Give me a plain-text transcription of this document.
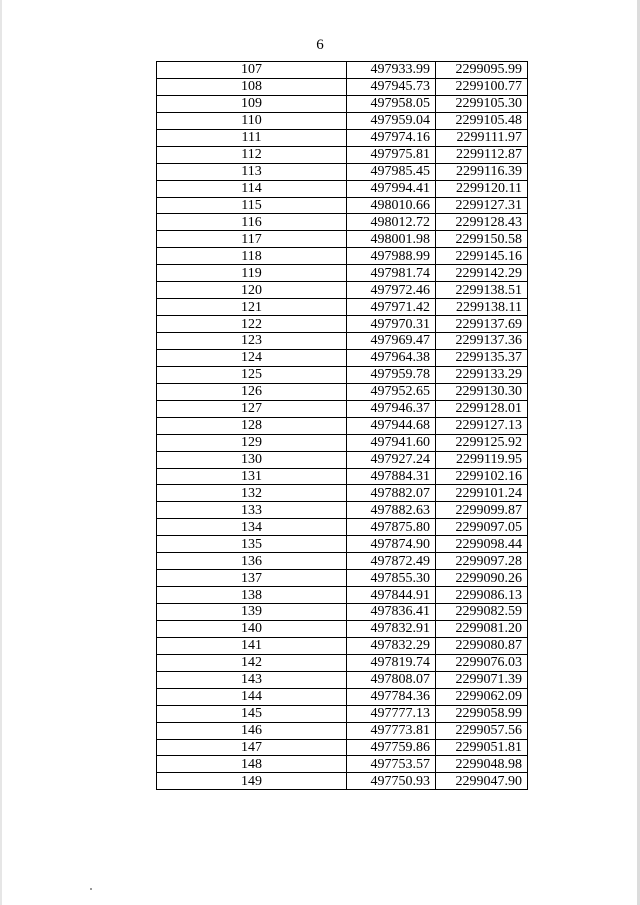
6
107	497933.99	2299095.99
108	497945.73	2299100.77
109	497958.05	2299105.30
110	497959.04	2299105.48
111	497974.16	2299111.97
112	497975.81	2299112.87
113	497985.45	2299116.39
114	497994.41	2299120.11
115	498010.66	2299127.31
116	498012.72	2299128.43
117	498001.98	2299150.58
118	497988.99	2299145.16
119	497981.74	2299142.29
120	497972.46	2299138.51
121	497971.42	2299138.11
122	497970.31	2299137.69
123	497969.47	2299137.36
124	497964.38	2299135.37
125	497959.78	2299133.29
126	497952.65	2299130.30
127	497946.37	2299128.01
128	497944.68	2299127.13
129	497941.60	2299125.92
130	497927.24	2299119.95
131	497884.31	2299102.16
132	497882.07	2299101.24
133	497882.63	2299099.87
134	497875.80	2299097.05
135	497874.90	2299098.44
136	497872.49	2299097.28
137	497855.30	2299090.26
138	497844.91	2299086.13
139	497836.41	2299082.59
140	497832.91	2299081.20
141	497832.29	2299080.87
142	497819.74	2299076.03
143	497808.07	2299071.39
144	497784.36	2299062.09
145	497777.13	2299058.99
146	497773.81	2299057.56
147	497759.86	2299051.81
148	497753.57	2299048.98
149	497750.93	2299047.90
